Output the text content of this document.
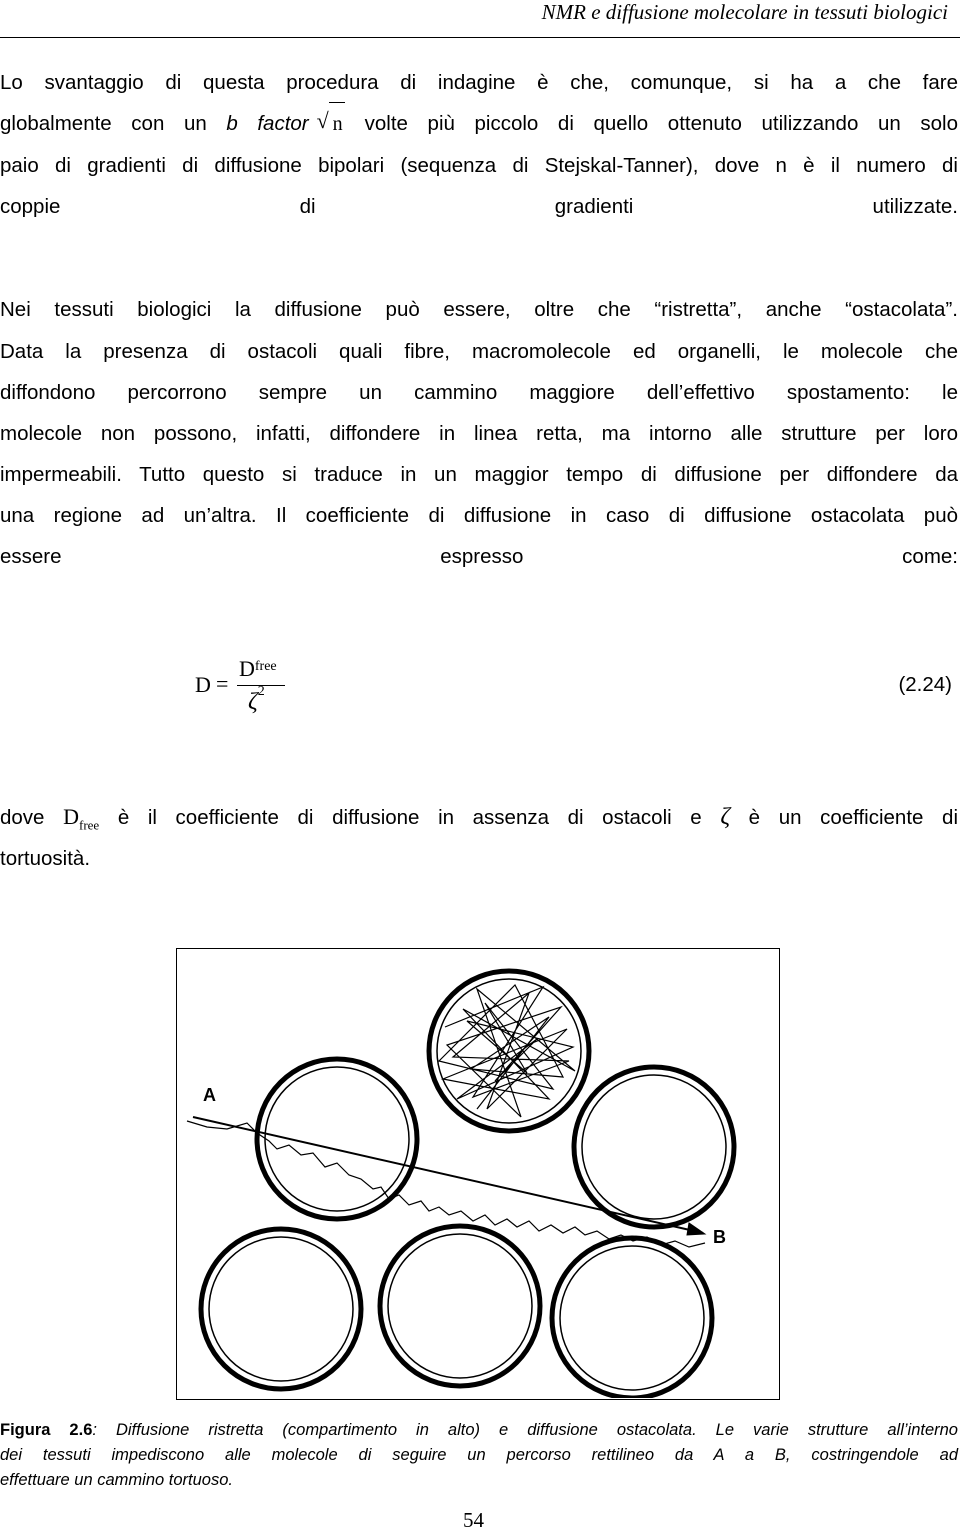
NMR e diffusione molecolare in tessuti biologici
Lo svantaggio di questa procedura di indagine è che, comunque, si ha a che fare
globalmente con un b factor
√ n volte più piccolo di quello ottenuto utilizzando un solo
paio di gradienti di diffusione bipolari (sequenza di Stejskal-Tanner), dove n è il numero di
coppie di gradienti utilizzate.
Nei tessuti biologici la diffusione può essere, oltre che “ristretta”, anche “ostacolata”.
Data la presenza di ostacoli quali fibre, macromolecole ed organelli, le molecole che
diffondono percorrono sempre un cammino maggiore dell’effettivo spostamento: le
molecole non possono, infatti, diffondere in linea retta, ma intorno alle strutture per loro
impermeabili. Tutto questo si traduce in un maggior tempo di diffusione per diffondere da
una regione ad un’altra. Il coefficiente di diffusione in caso di diffusione ostacolata può
essere espresso come:
D =
$D_{free}$
$\zeta^2$	(2.24)
dove $D_{free}$ è il coefficiente di diffusione in assenza di ostacoli e ζ è un coefficiente di
tortuosità.
A
B
Figura 2.6: Diffusione ristretta (compartimento in alto) e diffusione ostacolata. Le varie strutture all’interno
dei tessuti impediscono alle molecole di seguire un percorso rettilineo da A a B, costringendole ad
effettuare un cammino tortuoso.
54
